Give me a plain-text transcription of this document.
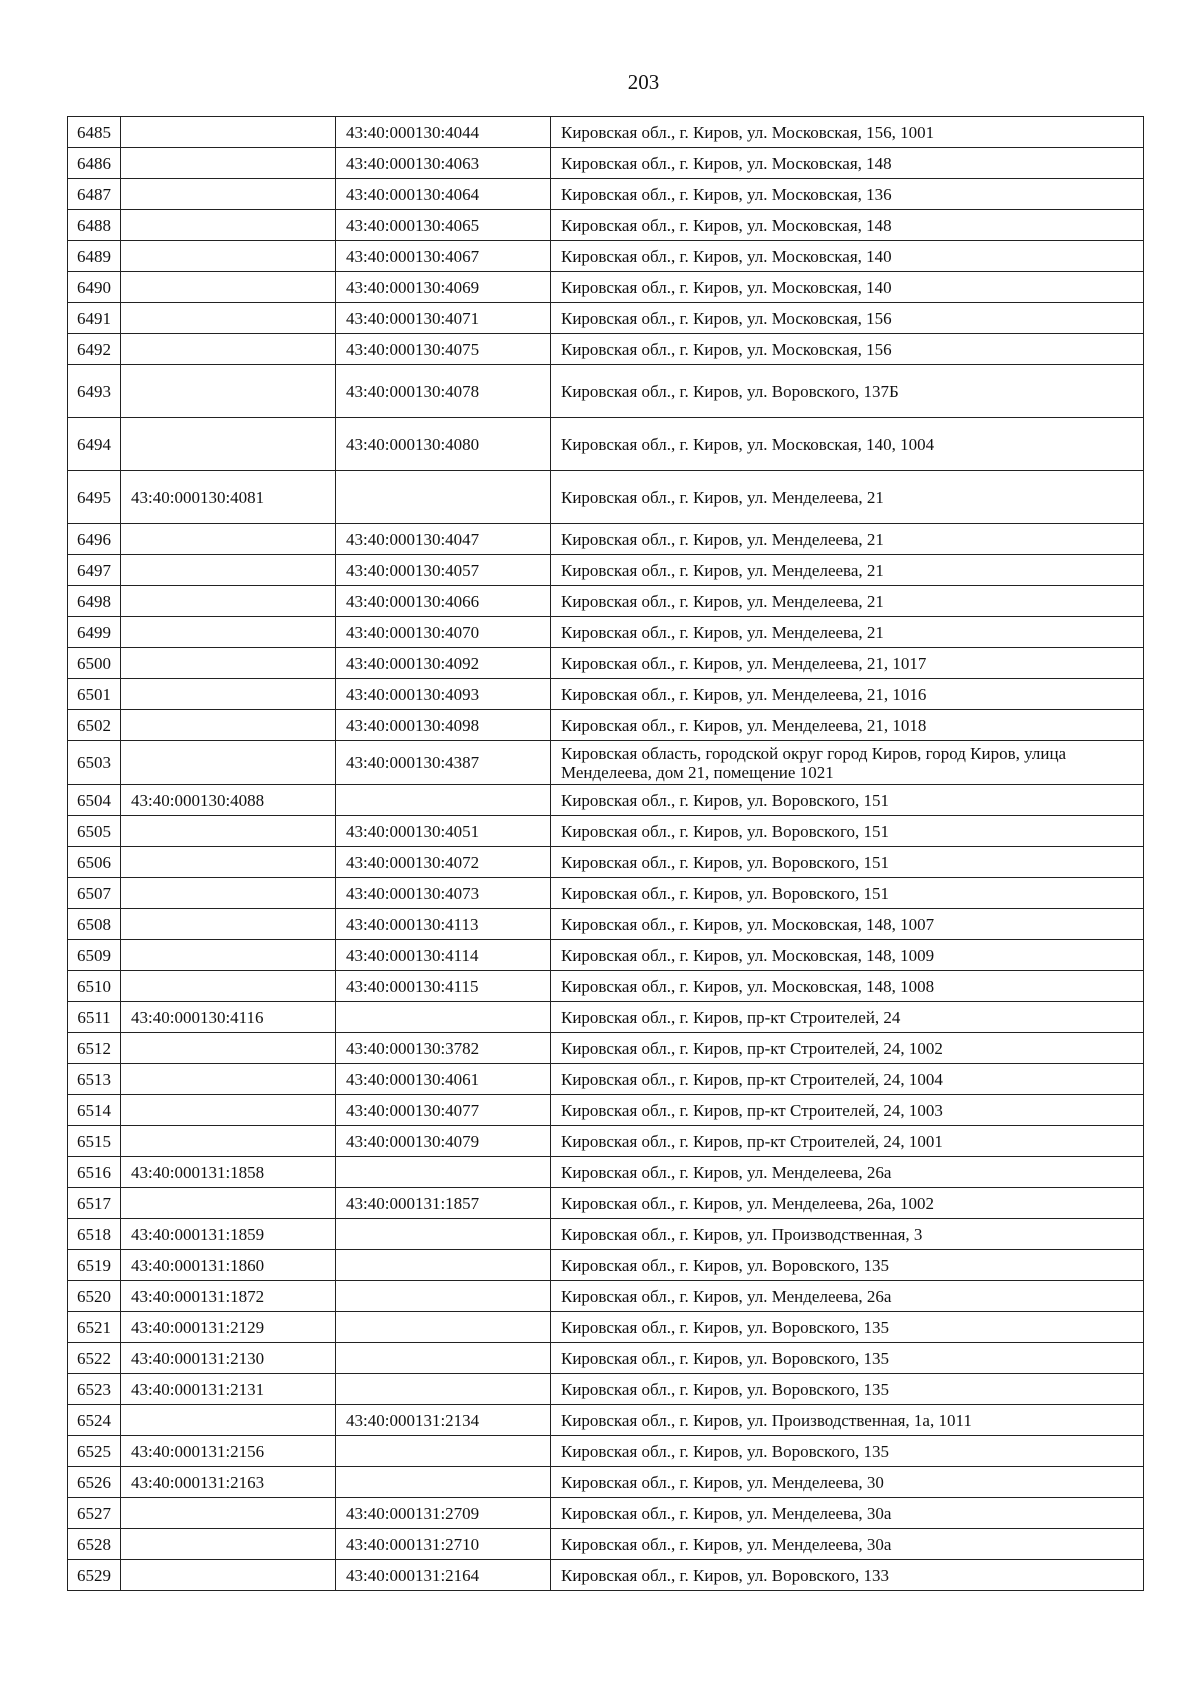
203
6485		43:40:000130:4044	Кировская обл., г. Киров, ул. Московская, 156, 1001
6486		43:40:000130:4063	Кировская обл., г. Киров, ул. Московская, 148
6487		43:40:000130:4064	Кировская обл., г. Киров, ул. Московская, 136
6488		43:40:000130:4065	Кировская обл., г. Киров, ул. Московская, 148
6489		43:40:000130:4067	Кировская обл., г. Киров, ул. Московская, 140
6490		43:40:000130:4069	Кировская обл., г. Киров, ул. Московская, 140
6491		43:40:000130:4071	Кировская обл., г. Киров, ул. Московская, 156
6492		43:40:000130:4075	Кировская обл., г. Киров, ул. Московская, 156
6493		43:40:000130:4078	Кировская обл., г. Киров, ул. Воровского, 137Б
6494		43:40:000130:4080	Кировская обл., г. Киров, ул. Московская, 140, 1004
6495	43:40:000130:4081		Кировская обл., г. Киров, ул. Менделеева, 21
6496		43:40:000130:4047	Кировская обл., г. Киров, ул. Менделеева, 21
6497		43:40:000130:4057	Кировская обл., г. Киров, ул. Менделеева, 21
6498		43:40:000130:4066	Кировская обл., г. Киров, ул. Менделеева, 21
6499		43:40:000130:4070	Кировская обл., г. Киров, ул. Менделеева, 21
6500		43:40:000130:4092	Кировская обл., г. Киров, ул. Менделеева, 21, 1017
6501		43:40:000130:4093	Кировская обл., г. Киров, ул. Менделеева, 21, 1016
6502		43:40:000130:4098	Кировская обл., г. Киров, ул. Менделеева, 21, 1018
6503		43:40:000130:4387	Кировская область, городской округ город Киров, город Киров, улица Менделеева, дом 21, помещение 1021
6504	43:40:000130:4088		Кировская обл., г. Киров, ул. Воровского, 151
6505		43:40:000130:4051	Кировская обл., г. Киров, ул. Воровского, 151
6506		43:40:000130:4072	Кировская обл., г. Киров, ул. Воровского, 151
6507		43:40:000130:4073	Кировская обл., г. Киров, ул. Воровского, 151
6508		43:40:000130:4113	Кировская обл., г. Киров, ул. Московская, 148, 1007
6509		43:40:000130:4114	Кировская обл., г. Киров, ул. Московская, 148, 1009
6510		43:40:000130:4115	Кировская обл., г. Киров, ул. Московская, 148, 1008
6511	43:40:000130:4116		Кировская обл., г. Киров, пр-кт Строителей, 24
6512		43:40:000130:3782	Кировская обл., г. Киров, пр-кт Строителей, 24, 1002
6513		43:40:000130:4061	Кировская обл., г. Киров, пр-кт Строителей, 24, 1004
6514		43:40:000130:4077	Кировская обл., г. Киров, пр-кт Строителей, 24, 1003
6515		43:40:000130:4079	Кировская обл., г. Киров, пр-кт Строителей, 24, 1001
6516	43:40:000131:1858		Кировская обл., г. Киров, ул. Менделеева, 26а
6517		43:40:000131:1857	Кировская обл., г. Киров, ул. Менделеева, 26а, 1002
6518	43:40:000131:1859		Кировская обл., г. Киров, ул. Производственная, 3
6519	43:40:000131:1860		Кировская обл., г. Киров, ул. Воровского, 135
6520	43:40:000131:1872		Кировская обл., г. Киров, ул. Менделеева, 26а
6521	43:40:000131:2129		Кировская обл., г. Киров, ул. Воровского, 135
6522	43:40:000131:2130		Кировская обл., г. Киров, ул. Воровского, 135
6523	43:40:000131:2131		Кировская обл., г. Киров, ул. Воровского, 135
6524		43:40:000131:2134	Кировская обл., г. Киров, ул. Производственная, 1а, 1011
6525	43:40:000131:2156		Кировская обл., г. Киров, ул. Воровского, 135
6526	43:40:000131:2163		Кировская обл., г. Киров, ул. Менделеева, 30
6527		43:40:000131:2709	Кировская обл., г. Киров, ул. Менделеева, 30а
6528		43:40:000131:2710	Кировская обл., г. Киров, ул. Менделеева, 30а
6529		43:40:000131:2164	Кировская обл., г. Киров, ул. Воровского, 133
